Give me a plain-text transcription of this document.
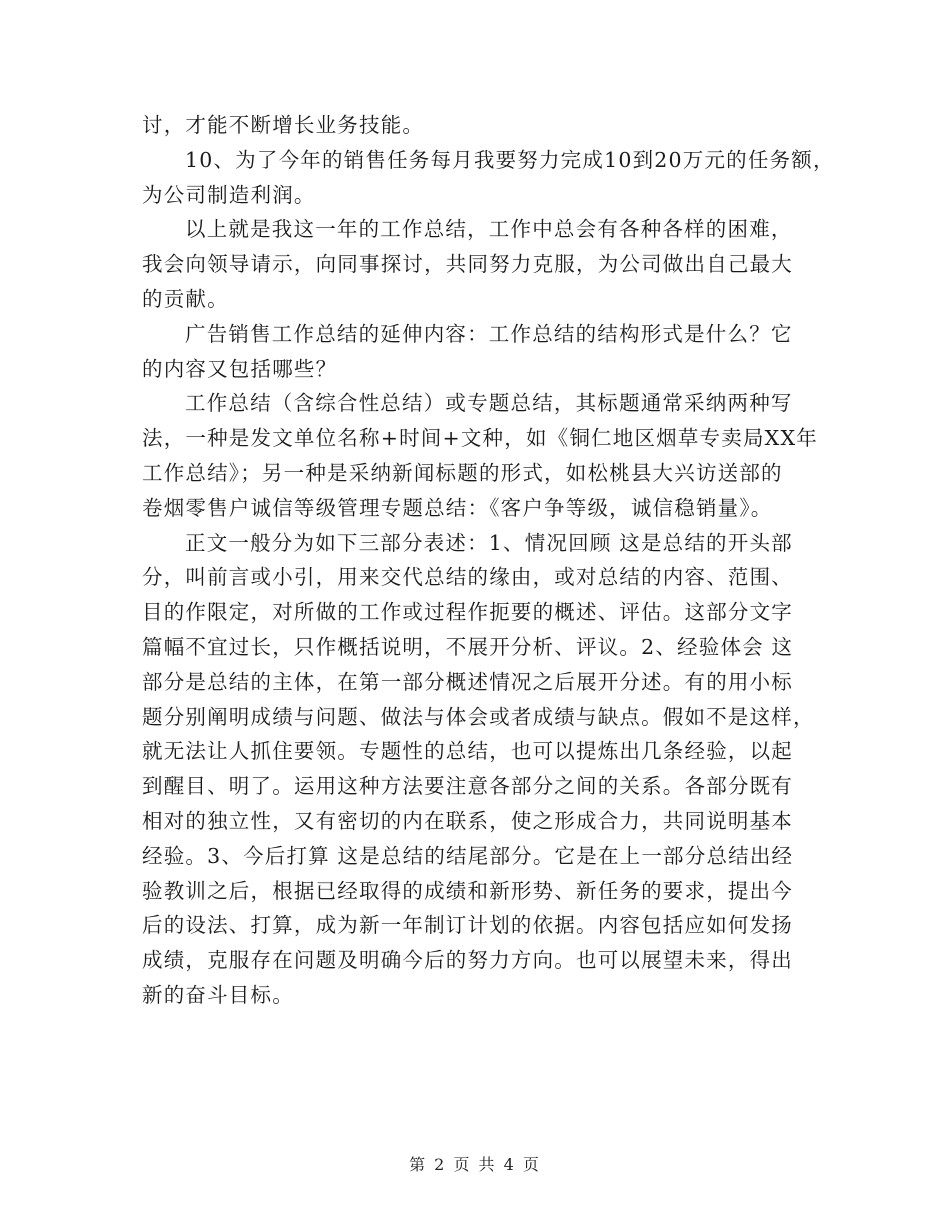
讨，才能不断增长业务技能。
10、为了今年的销售任务每月我要努力完成10到20万元的任务额，
为公司制造利润。
以上就是我这一年的工作总结，工作中总会有各种各样的困难，
我会向领导请示，向同事探讨，共同努力克服，为公司做出自己最大
的贡献。
广告销售工作总结的延伸内容：工作总结的结构形式是什么？它
的内容又包括哪些？
工作总结（含综合性总结）或专题总结，其标题通常采纳两种写
法，一种是发文单位名称+时间+文种，如《铜仁地区烟草专卖局XX年
工作总结》；另一种是采纳新闻标题的形式，如松桃县大兴访送部的
卷烟零售户诚信等级管理专题总结：《客户争等级，诚信稳销量》。
正文一般分为如下三部分表述：1、情况回顾 这是总结的开头部
分，叫前言或小引，用来交代总结的缘由，或对总结的内容、范围、
目的作限定，对所做的工作或过程作扼要的概述、评估。这部分文字
篇幅不宜过长，只作概括说明，不展开分析、评议。2、经验体会 这
部分是总结的主体，在第一部分概述情况之后展开分述。有的用小标
题分别阐明成绩与问题、做法与体会或者成绩与缺点。假如不是这样，
就无法让人抓住要领。专题性的总结，也可以提炼出几条经验，以起
到醒目、明了。运用这种方法要注意各部分之间的关系。各部分既有
相对的独立性，又有密切的内在联系，使之形成合力，共同说明基本
经验。3、今后打算 这是总结的结尾部分。它是在上一部分总结出经
验教训之后，根据已经取得的成绩和新形势、新任务的要求，提出今
后的设法、打算，成为新一年制订计划的依据。内容包括应如何发扬
成绩，克服存在问题及明确今后的努力方向。也可以展望未来，得出
新的奋斗目标。
第 2 页 共 4 页
